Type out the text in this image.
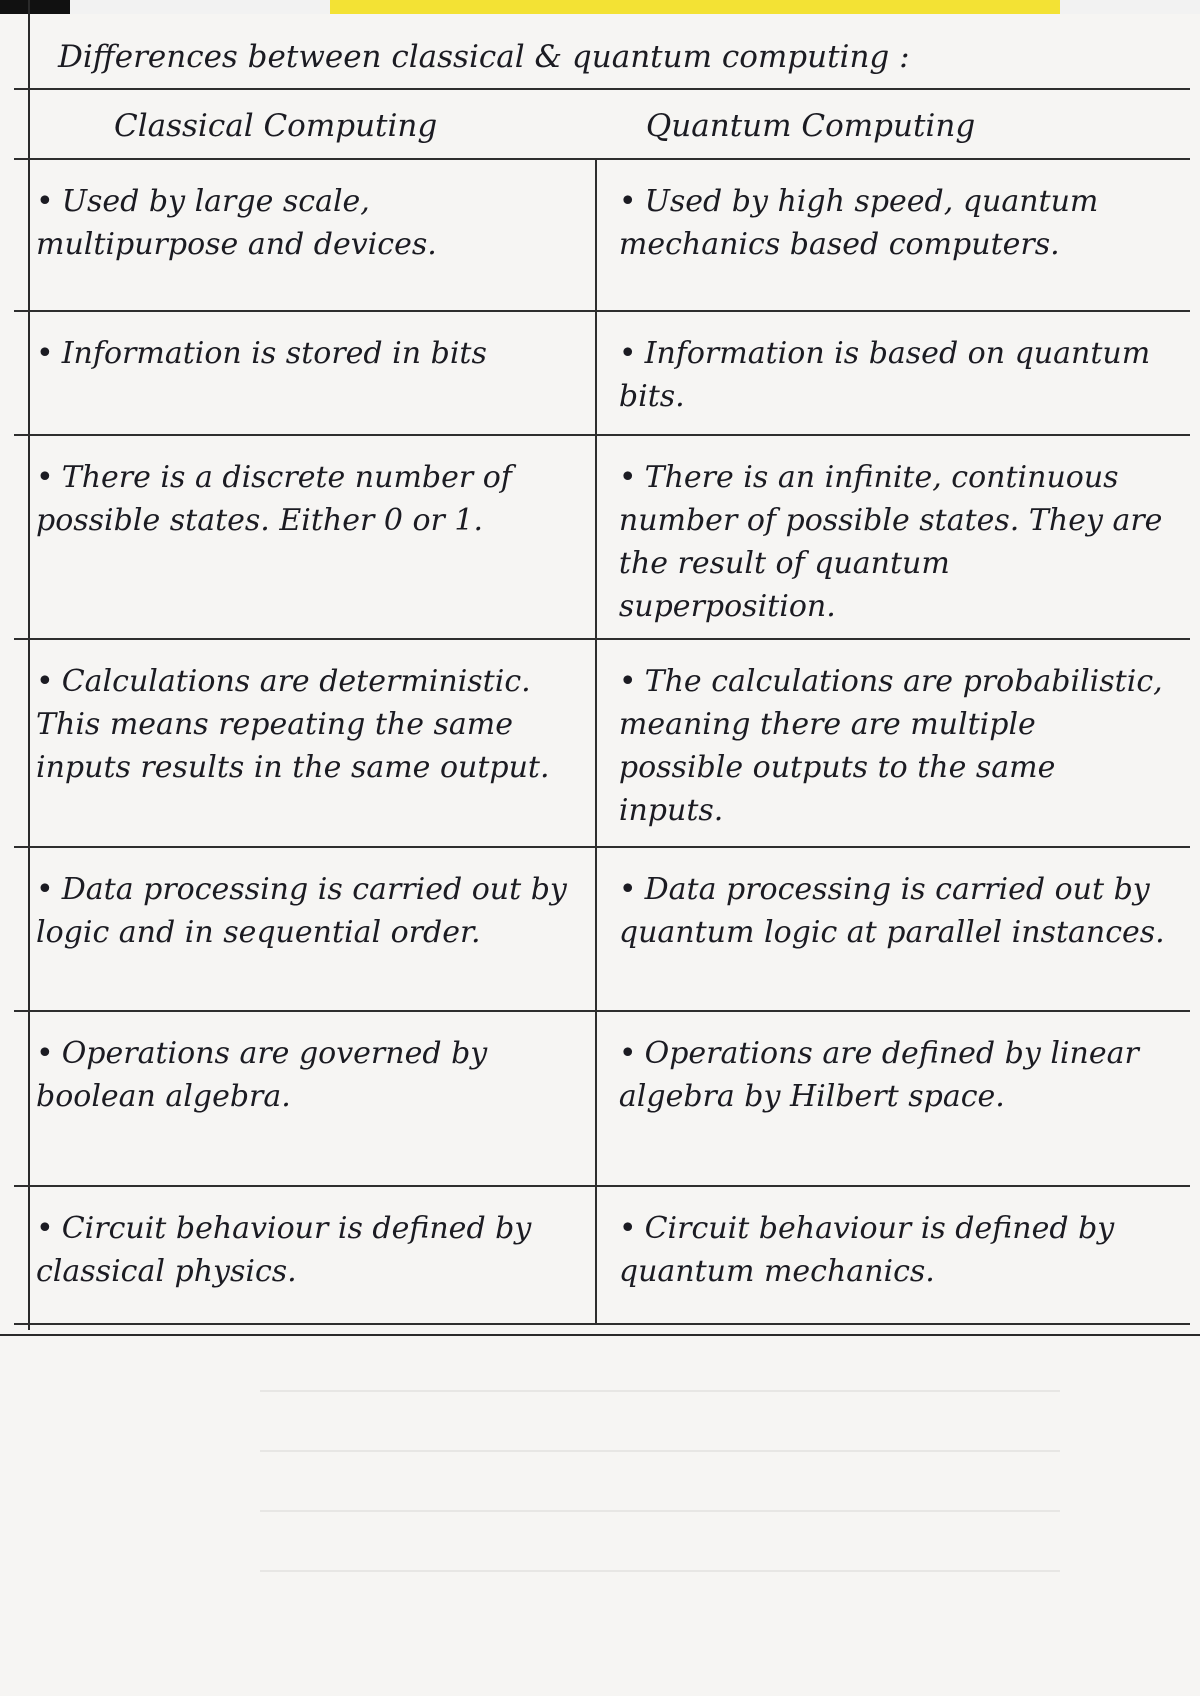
Differences between classical & quantum computing :
Classical Computing	Quantum Computing
• Used by large scale, multipurpose and devices.	• Used by high speed, quantum mechanics based computers.
• Information is stored in bits	• Information is based on quantum bits.
• There is a discrete number of possible states. Either 0 or 1.	• There is an infinite, continuous number of possible states. They are the result of quantum superposition.
• Calculations are deterministic. This means repeating the same inputs results in the same output.	• The calculations are probabilistic, meaning there are multiple possible outputs to the same inputs.
• Data processing is carried out by logic and in sequential order.	• Data processing is carried out by quantum logic at parallel instances.
• Operations are governed by boolean algebra.	• Operations are defined by linear algebra by Hilbert space.
• Circuit behaviour is defined by classical physics.	• Circuit behaviour is defined by quantum mechanics.
